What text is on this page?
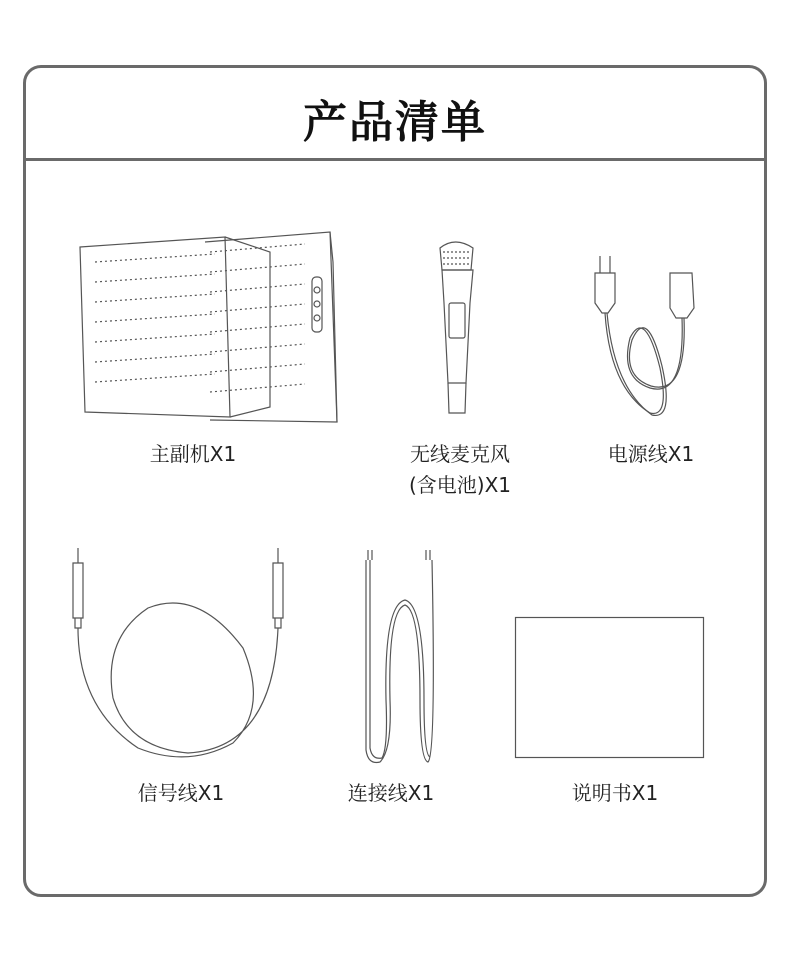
产品清单
主副机X1	无线麦克风
(含电池)X1
电源线X1
信号线X1	连接线X1	说明书X1
